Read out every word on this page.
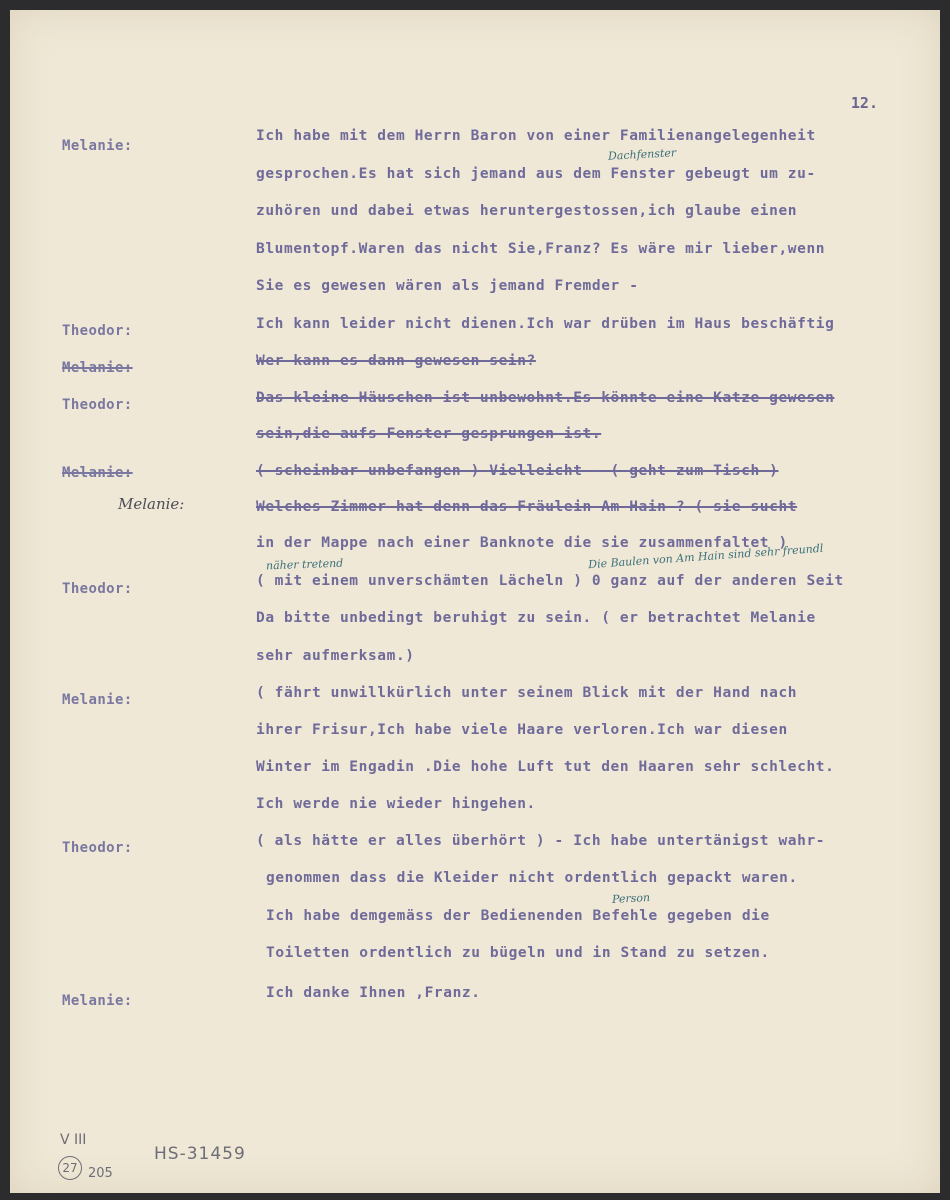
12.
Melanie:
Theodor:
Melanie:
Theodor:
Melanie:
Theodor:
Melanie:
Theodor:
Melanie:
Ich habe mit dem Herrn Baron von einer Familienangelegenheit
gesprochen.Es hat sich jemand aus dem Fenster gebeugt um zu-
zuhören und dabei etwas heruntergestossen,ich glaube einen
Blumentopf.Waren das nicht Sie,Franz? Es wäre mir lieber,wenn
Sie es gewesen wären als jemand Fremder -
Ich kann leider nicht dienen.Ich war drüben im Haus beschäftig
Wer kann es dann gewesen sein?
Das kleine Häuschen ist unbewohnt.Es könnte eine Katze gewesen
sein,die aufs Fenster gesprungen ist.
( scheinbar unbefangen ) Vielleicht - ( geht zum Tisch )
Welches Zimmer hat denn das Fräulein Am Hain ? ( sie sucht
in der Mappe nach einer Banknote die sie zusammenfaltet )
( mit einem unverschämten Lächeln ) 0 ganz auf der anderen Seit
Da bitte unbedingt beruhigt zu sein. ( er betrachtet Melanie
sehr aufmerksam.)
( fährt unwillkürlich unter seinem Blick mit der Hand nach
ihrer Frisur,Ich habe viele Haare verloren.Ich war diesen
Winter im Engadin .Die hohe Luft tut den Haaren sehr schlecht.
Ich werde nie wieder hingehen.
( als hätte er alles überhört ) - Ich habe untertänigst wahr-
genommen dass die Kleider nicht ordentlich gepackt waren.
Ich habe demgemäss der Bedienenden Befehle gegeben die
Toiletten ordentlich zu bügeln und in Stand zu setzen.
Ich danke Ihnen ,Franz.
Dachfenster
Melanie:
näher tretend	Die Baulen von Am Hain sind sehr freundl
Person
V III
27 205
HS-31459
